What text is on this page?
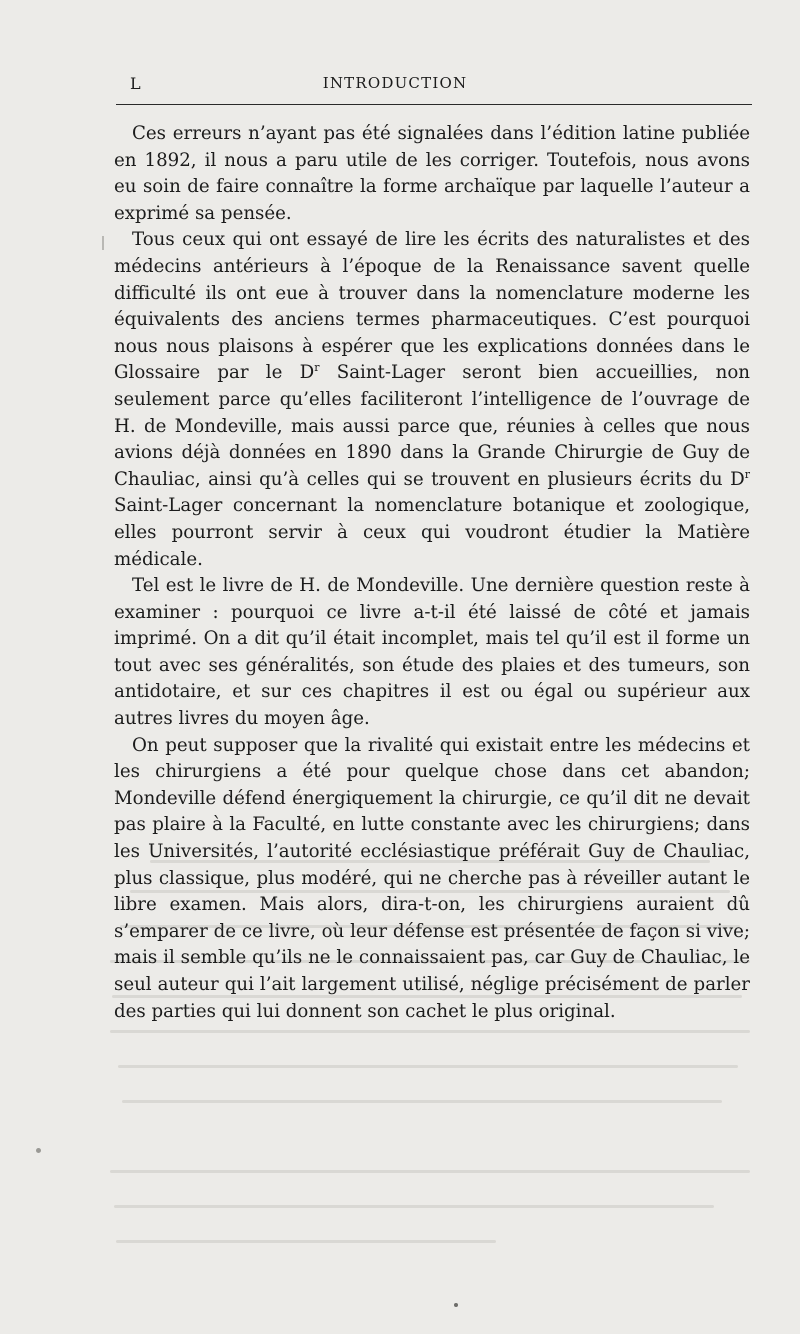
L	INTRODUCTION

Ces erreurs n’ayant pas été signalées dans l’édition latine publiée en 1892, il nous a paru utile de les corriger. Toutefois, nous avons eu soin de faire connaître la forme archaïque par laquelle l’auteur a exprimé sa pensée.

Tous ceux qui ont essayé de lire les écrits des naturalistes et des médecins antérieurs à l’époque de la Renaissance savent quelle difficulté ils ont eue à trouver dans la nomenclature moderne les équivalents des anciens termes pharmaceutiques. C’est pourquoi nous nous plaisons à espérer que les explications données dans le Glossaire par le $D^r$ Saint-Lager seront bien accueillies, non seulement parce qu’elles faciliteront l’intelligence de l’ouvrage de H. de Mondeville, mais aussi parce que, réunies à celles que nous avions déjà données en 1890 dans la Grande Chirurgie de Guy de Chauliac, ainsi qu’à celles qui se trouvent en plusieurs écrits du $D^r$ Saint-Lager concernant la nomenclature botanique et zoologique, elles pourront servir à ceux qui voudront étudier la Matière médicale.

Tel est le livre de H. de Mondeville. Une dernière question reste à examiner : pourquoi ce livre a-t-il été laissé de côté et jamais imprimé. On a dit qu’il était incomplet, mais tel qu’il est il forme un tout avec ses généralités, son étude des plaies et des tumeurs, son antidotaire, et sur ces chapitres il est ou égal ou supérieur aux autres livres du moyen âge.

On peut supposer que la rivalité qui existait entre les médecins et les chirurgiens a été pour quelque chose dans cet abandon; Mondeville défend énergiquement la chirurgie, ce qu’il dit ne devait pas plaire à la Faculté, en lutte constante avec les chirurgiens; dans les Universités, l’autorité ecclésiastique préférait Guy de Chauliac, plus classique, plus modéré, qui ne cherche pas à réveiller autant le libre examen. Mais alors, dira-t-on, les chirurgiens auraient dû s’emparer de ce livre, où leur défense est présentée de façon si vive; mais il semble qu’ils ne le connaissaient pas, car Guy de Chauliac, le seul auteur qui l’ait largement utilisé, néglige précisément de parler des parties qui lui donnent son cachet le plus original.
